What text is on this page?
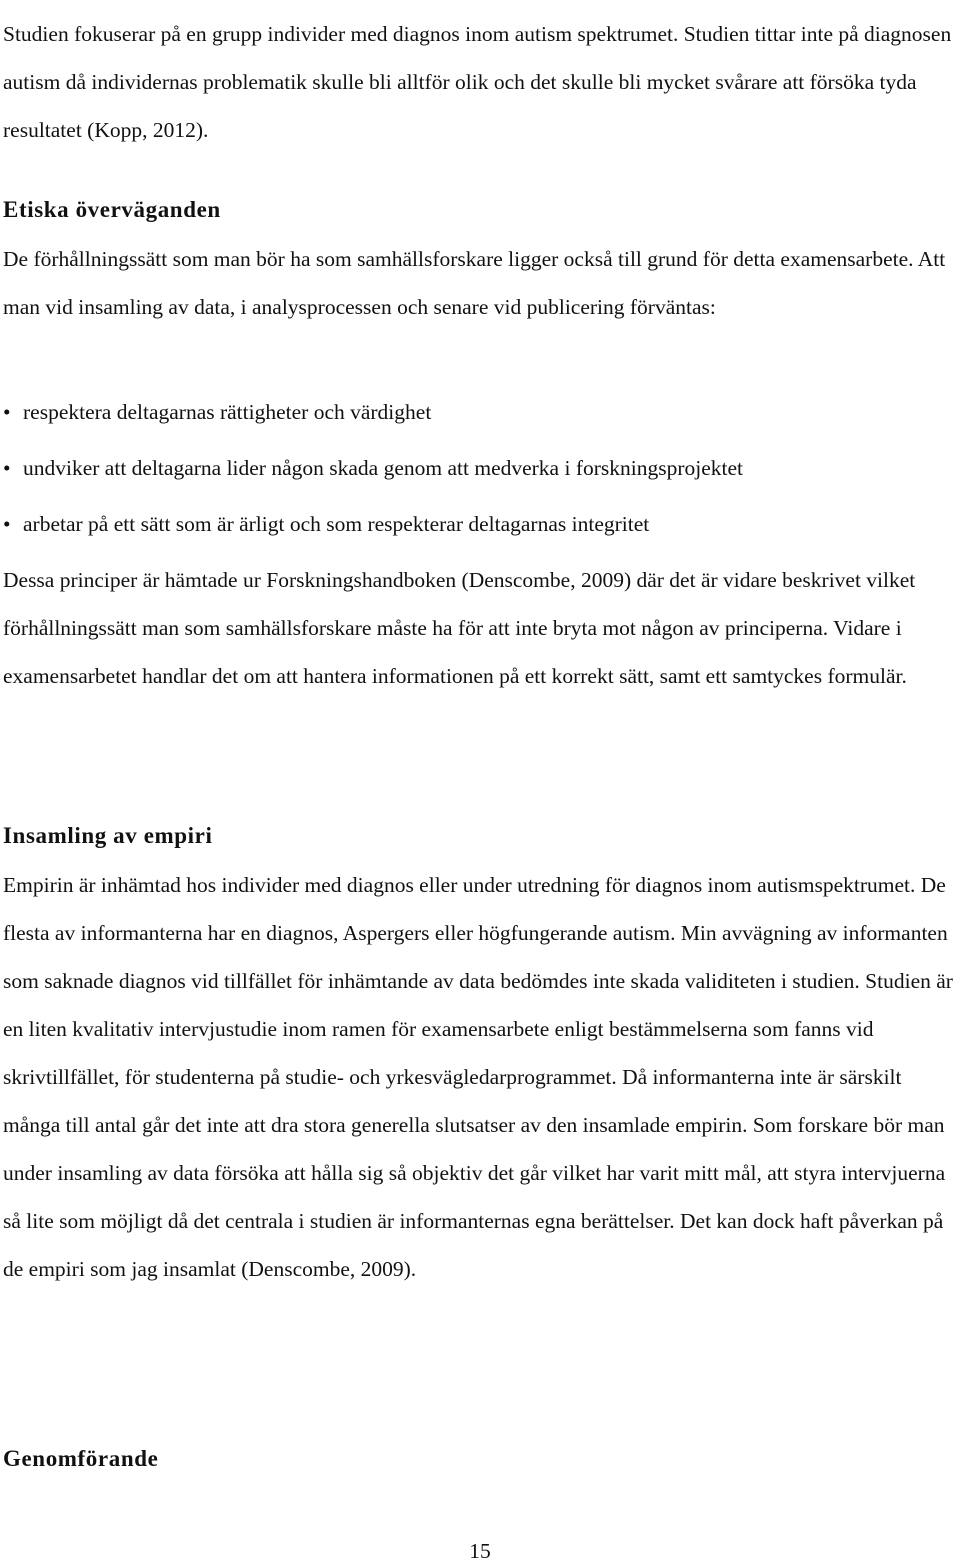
Studien fokuserar på en grupp individer med diagnos inom autism spektrumet. Studien tittar inte på diagnosen autism då individernas problematik skulle bli alltför olik och det skulle bli mycket svårare att försöka tyda resultatet (Kopp, 2012).

Etiska överväganden

De förhållningssätt som man bör ha som samhällsforskare ligger också till grund för detta examensarbete. Att man vid insamling av data, i analysprocessen och senare vid publicering förväntas:

• respektera deltagarnas rättigheter och värdighet
• undviker att deltagarna lider någon skada genom att medverka i forskningsprojektet
• arbetar på ett sätt som är ärligt och som respekterar deltagarnas integritet

Dessa principer är hämtade ur Forskningshandboken (Denscombe, 2009) där det är vidare beskrivet vilket förhållningssätt man som samhällsforskare måste ha för att inte bryta mot någon av principerna. Vidare i examensarbetet handlar det om att hantera informationen på ett korrekt sätt, samt ett samtyckes formulär.

Insamling av empiri

Empirin är inhämtad hos individer med diagnos eller under utredning för diagnos inom autismspektrumet. De flesta av informanterna har en diagnos, Aspergers eller högfungerande autism. Min avvägning av informanten som saknade diagnos vid tillfället för inhämtande av data bedömdes inte skada validiteten i studien. Studien är en liten kvalitativ intervjustudie inom ramen för examensarbete enligt bestämmelserna som fanns vid skrivtillfället, för studenterna på studie- och yrkesvägledarprogrammet. Då informanterna inte är särskilt många till antal går det inte att dra stora generella slutsatser av den insamlade empirin. Som forskare bör man under insamling av data försöka att hålla sig så objektiv det går vilket har varit mitt mål, att styra intervjuerna så lite som möjligt då det centrala i studien är informanternas egna berättelser. Det kan dock haft påverkan på de empiri som jag insamlat (Denscombe, 2009).

Genomförande
15
